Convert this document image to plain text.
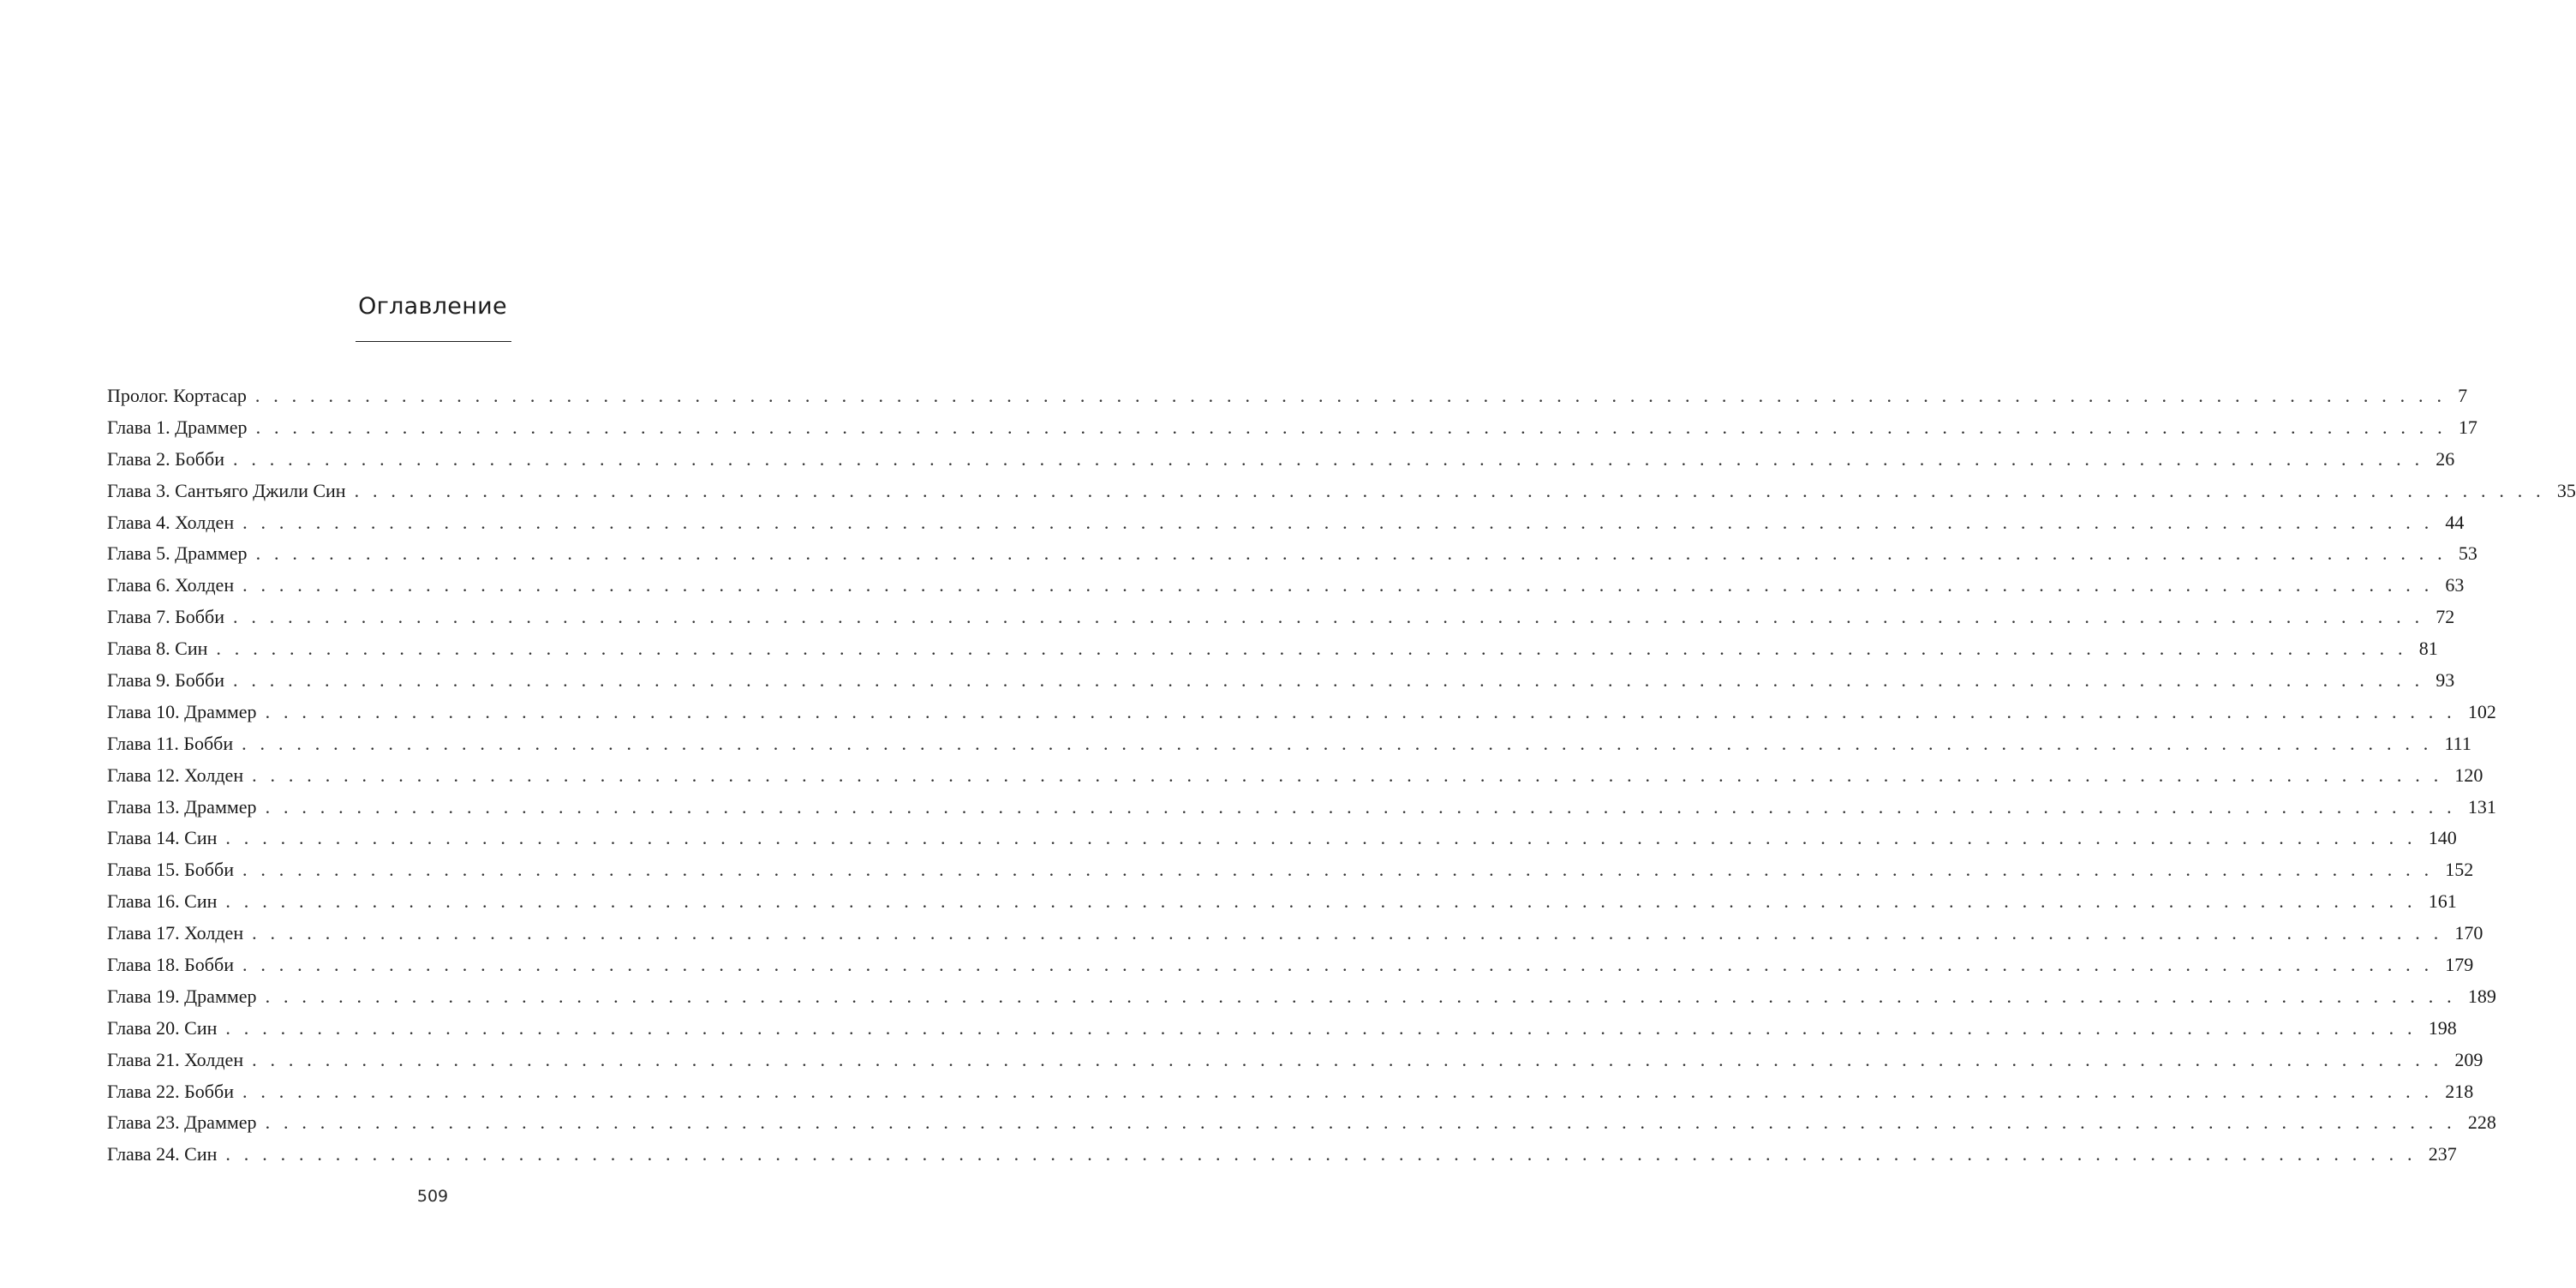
Оглавление
Пролог. Кортасар . . . . . . . . . . . . . . . . . . . . . . . . . . . . . . . . . . . . . . . . . . . . . . . . . . . . . . . . . . . . . . . . . . . . . . . . . . . . . . . . . . . . . . . . . . . . . . . . . . . . . . . . . . . . . . . . . . . . . . . . 7
Глава 1. Драммер . . . . . . . . . . . . . . . . . . . . . . . . . . . . . . . . . . . . . . . . . . . . . . . . . . . . . . . . . . . . . . . . . . . . . . . . . . . . . . . . . . . . . . . . . . . . . . . . . . . . . . . . . . . . . . . . . . . . . . . . 17
Глава 2. Бобби . . . . . . . . . . . . . . . . . . . . . . . . . . . . . . . . . . . . . . . . . . . . . . . . . . . . . . . . . . . . . . . . . . . . . . . . . . . . . . . . . . . . . . . . . . . . . . . . . . . . . . . . . . . . . . . . . . . . . . . . 26
Глава 3. Сантьяго Джили Син . . . . . . . . . . . . . . . . . . . . . . . . . . . . . . . . . . . . . . . . . . . . . . . . . . . . . . . . . . . . . . . . . . . . . . . . . . . . . . . . . . . . . . . . . . . . . . . . . . . . . . . . . . . . . . . . . . . . . . . . 35
Глава 4. Холден . . . . . . . . . . . . . . . . . . . . . . . . . . . . . . . . . . . . . . . . . . . . . . . . . . . . . . . . . . . . . . . . . . . . . . . . . . . . . . . . . . . . . . . . . . . . . . . . . . . . . . . . . . . . . . . . . . . . . . . . 44
Глава 5. Драммер . . . . . . . . . . . . . . . . . . . . . . . . . . . . . . . . . . . . . . . . . . . . . . . . . . . . . . . . . . . . . . . . . . . . . . . . . . . . . . . . . . . . . . . . . . . . . . . . . . . . . . . . . . . . . . . . . . . . . . . . 53
Глава 6. Холден . . . . . . . . . . . . . . . . . . . . . . . . . . . . . . . . . . . . . . . . . . . . . . . . . . . . . . . . . . . . . . . . . . . . . . . . . . . . . . . . . . . . . . . . . . . . . . . . . . . . . . . . . . . . . . . . . . . . . . . . 63
Глава 7. Бобби . . . . . . . . . . . . . . . . . . . . . . . . . . . . . . . . . . . . . . . . . . . . . . . . . . . . . . . . . . . . . . . . . . . . . . . . . . . . . . . . . . . . . . . . . . . . . . . . . . . . . . . . . . . . . . . . . . . . . . . . 72
Глава 8. Син . . . . . . . . . . . . . . . . . . . . . . . . . . . . . . . . . . . . . . . . . . . . . . . . . . . . . . . . . . . . . . . . . . . . . . . . . . . . . . . . . . . . . . . . . . . . . . . . . . . . . . . . . . . . . . . . . . . . . . . . 81
Глава 9. Бобби . . . . . . . . . . . . . . . . . . . . . . . . . . . . . . . . . . . . . . . . . . . . . . . . . . . . . . . . . . . . . . . . . . . . . . . . . . . . . . . . . . . . . . . . . . . . . . . . . . . . . . . . . . . . . . . . . . . . . . . . 93
Глава 10. Драммер . . . . . . . . . . . . . . . . . . . . . . . . . . . . . . . . . . . . . . . . . . . . . . . . . . . . . . . . . . . . . . . . . . . . . . . . . . . . . . . . . . . . . . . . . . . . . . . . . . . . . . . . . . . . . . . . . . . . . . . . 102
Глава 11. Бобби . . . . . . . . . . . . . . . . . . . . . . . . . . . . . . . . . . . . . . . . . . . . . . . . . . . . . . . . . . . . . . . . . . . . . . . . . . . . . . . . . . . . . . . . . . . . . . . . . . . . . . . . . . . . . . . . . . . . . . . . 111
Глава 12. Холден . . . . . . . . . . . . . . . . . . . . . . . . . . . . . . . . . . . . . . . . . . . . . . . . . . . . . . . . . . . . . . . . . . . . . . . . . . . . . . . . . . . . . . . . . . . . . . . . . . . . . . . . . . . . . . . . . . . . . . . . 120
Глава 13. Драммер . . . . . . . . . . . . . . . . . . . . . . . . . . . . . . . . . . . . . . . . . . . . . . . . . . . . . . . . . . . . . . . . . . . . . . . . . . . . . . . . . . . . . . . . . . . . . . . . . . . . . . . . . . . . . . . . . . . . . . . . 131
Глава 14. Син . . . . . . . . . . . . . . . . . . . . . . . . . . . . . . . . . . . . . . . . . . . . . . . . . . . . . . . . . . . . . . . . . . . . . . . . . . . . . . . . . . . . . . . . . . . . . . . . . . . . . . . . . . . . . . . . . . . . . . . . 140
Глава 15. Бобби . . . . . . . . . . . . . . . . . . . . . . . . . . . . . . . . . . . . . . . . . . . . . . . . . . . . . . . . . . . . . . . . . . . . . . . . . . . . . . . . . . . . . . . . . . . . . . . . . . . . . . . . . . . . . . . . . . . . . . . . 152
Глава 16. Син . . . . . . . . . . . . . . . . . . . . . . . . . . . . . . . . . . . . . . . . . . . . . . . . . . . . . . . . . . . . . . . . . . . . . . . . . . . . . . . . . . . . . . . . . . . . . . . . . . . . . . . . . . . . . . . . . . . . . . . . 161
Глава 17. Холден . . . . . . . . . . . . . . . . . . . . . . . . . . . . . . . . . . . . . . . . . . . . . . . . . . . . . . . . . . . . . . . . . . . . . . . . . . . . . . . . . . . . . . . . . . . . . . . . . . . . . . . . . . . . . . . . . . . . . . . . 170
Глава 18. Бобби . . . . . . . . . . . . . . . . . . . . . . . . . . . . . . . . . . . . . . . . . . . . . . . . . . . . . . . . . . . . . . . . . . . . . . . . . . . . . . . . . . . . . . . . . . . . . . . . . . . . . . . . . . . . . . . . . . . . . . . . 179
Глава 19. Драммер . . . . . . . . . . . . . . . . . . . . . . . . . . . . . . . . . . . . . . . . . . . . . . . . . . . . . . . . . . . . . . . . . . . . . . . . . . . . . . . . . . . . . . . . . . . . . . . . . . . . . . . . . . . . . . . . . . . . . . . . 189
Глава 20. Син . . . . . . . . . . . . . . . . . . . . . . . . . . . . . . . . . . . . . . . . . . . . . . . . . . . . . . . . . . . . . . . . . . . . . . . . . . . . . . . . . . . . . . . . . . . . . . . . . . . . . . . . . . . . . . . . . . . . . . . . 198
Глава 21. Холден . . . . . . . . . . . . . . . . . . . . . . . . . . . . . . . . . . . . . . . . . . . . . . . . . . . . . . . . . . . . . . . . . . . . . . . . . . . . . . . . . . . . . . . . . . . . . . . . . . . . . . . . . . . . . . . . . . . . . . . . 209
Глава 22. Бобби . . . . . . . . . . . . . . . . . . . . . . . . . . . . . . . . . . . . . . . . . . . . . . . . . . . . . . . . . . . . . . . . . . . . . . . . . . . . . . . . . . . . . . . . . . . . . . . . . . . . . . . . . . . . . . . . . . . . . . . . 218
Глава 23. Драммер . . . . . . . . . . . . . . . . . . . . . . . . . . . . . . . . . . . . . . . . . . . . . . . . . . . . . . . . . . . . . . . . . . . . . . . . . . . . . . . . . . . . . . . . . . . . . . . . . . . . . . . . . . . . . . . . . . . . . . . . 228
Глава 24. Син . . . . . . . . . . . . . . . . . . . . . . . . . . . . . . . . . . . . . . . . . . . . . . . . . . . . . . . . . . . . . . . . . . . . . . . . . . . . . . . . . . . . . . . . . . . . . . . . . . . . . . . . . . . . . . . . . . . . . . . . 237
509
